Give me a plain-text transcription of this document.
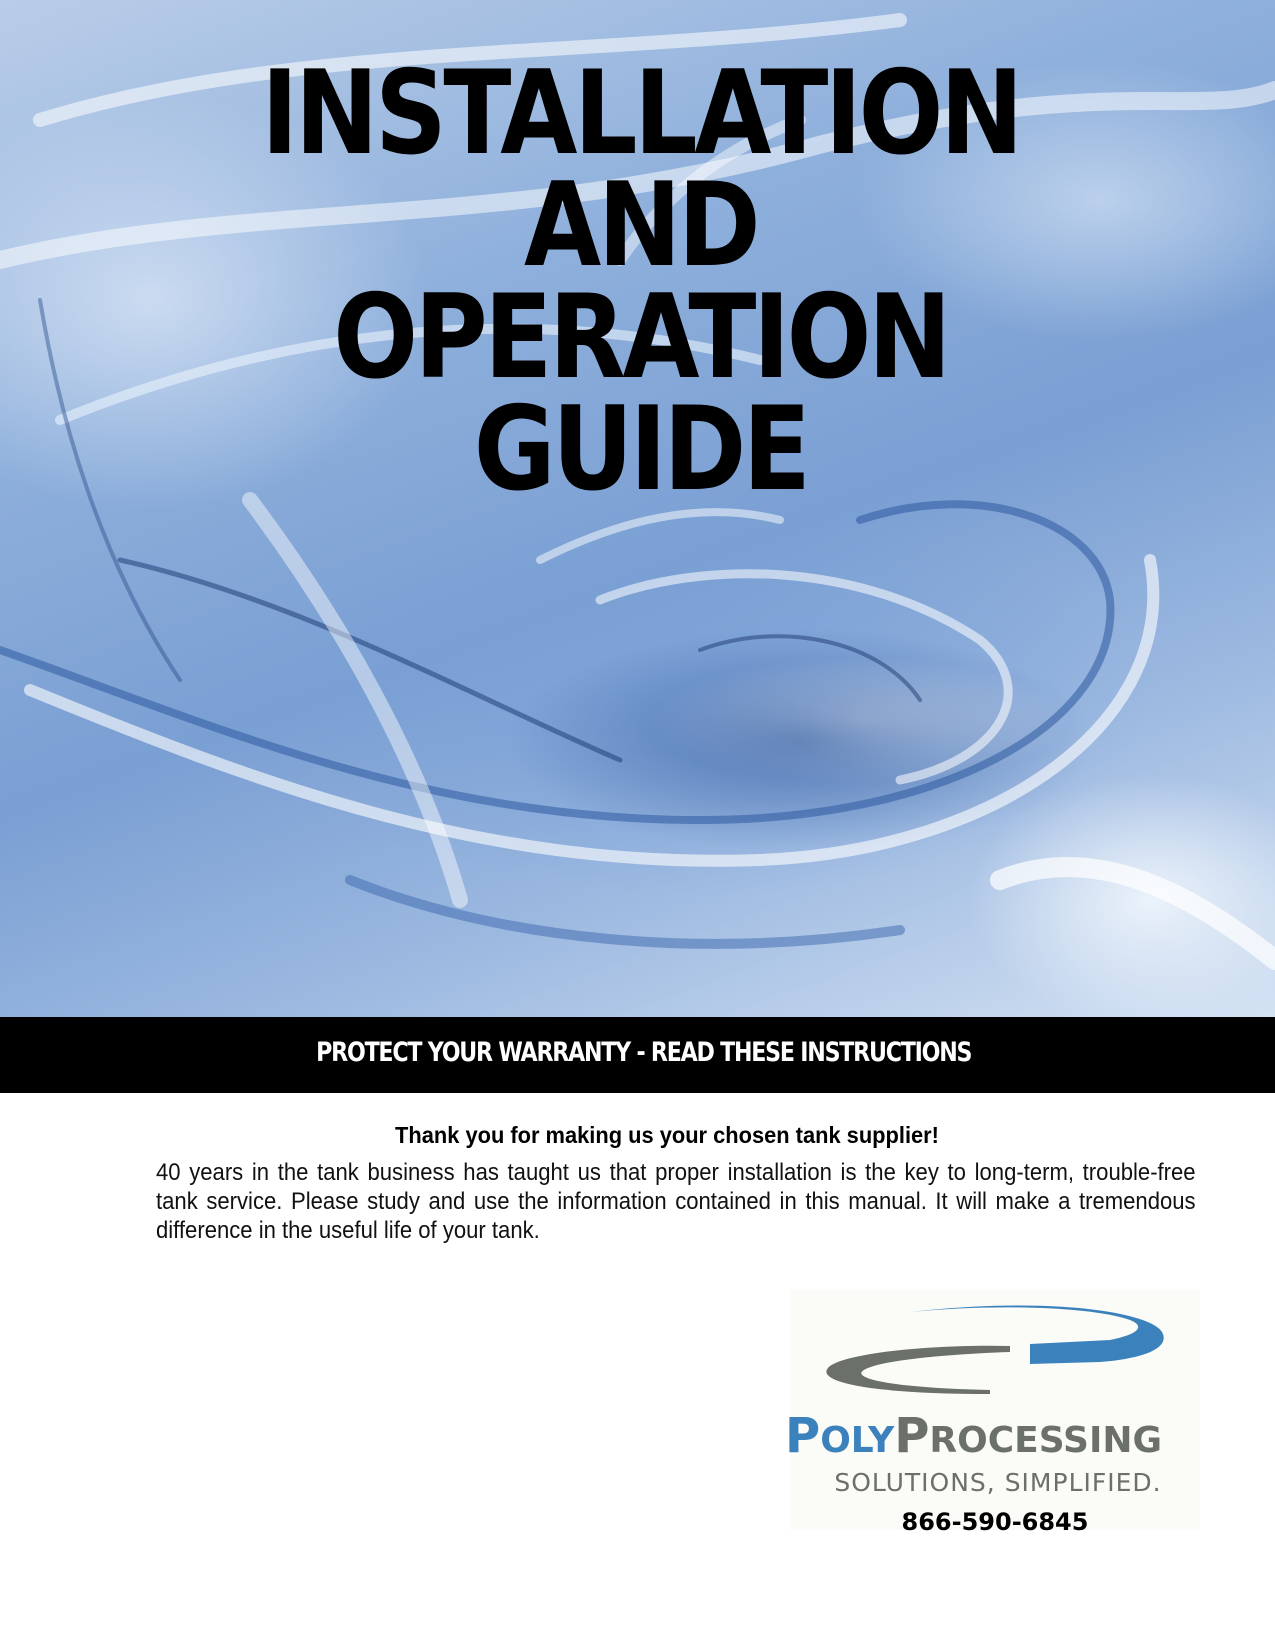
INSTALLATION
AND
OPERATION
GUIDE
PROTECT YOUR WARRANTY - READ THESE INSTRUCTIONS
Thank you for making us your chosen tank supplier!
40 years in the tank business has taught us that proper installation is the key to long-term, trouble-free tank service. Please study and use the information contained in this manual. It will make a tremendous difference in the useful life of your tank.
POLYPROCESSING
SOLUTIONS, SIMPLIFIED.
866-590-6845
